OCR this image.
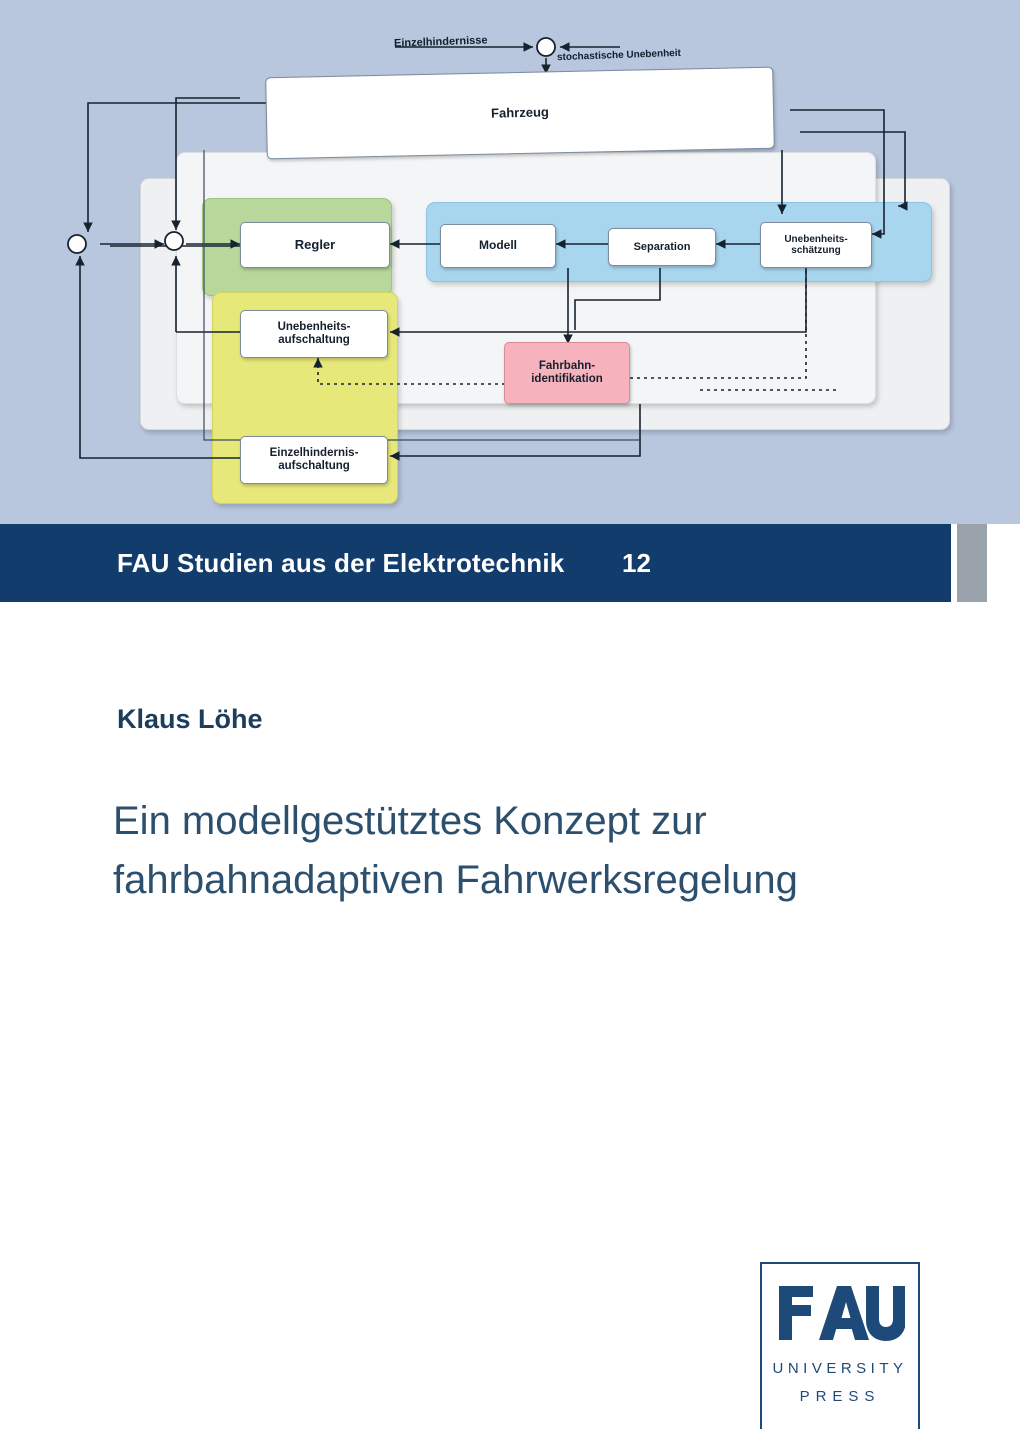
Fahrzeug
Einzelhindernisse
stochastische Unebenheit
Regler	Modell	Separation
Unebenheits-
schätzung
Unebenheits-
aufschaltung
Einzelhindernis-
aufschaltung
Fahrbahn-
identifikation
FAU Studien aus der Elektrotechnik 12
Klaus Löhe
Ein modellgestütztes Konzept zur fahrbahnadaptiven Fahrwerksregelung
UNIVERSITY
PRESS
